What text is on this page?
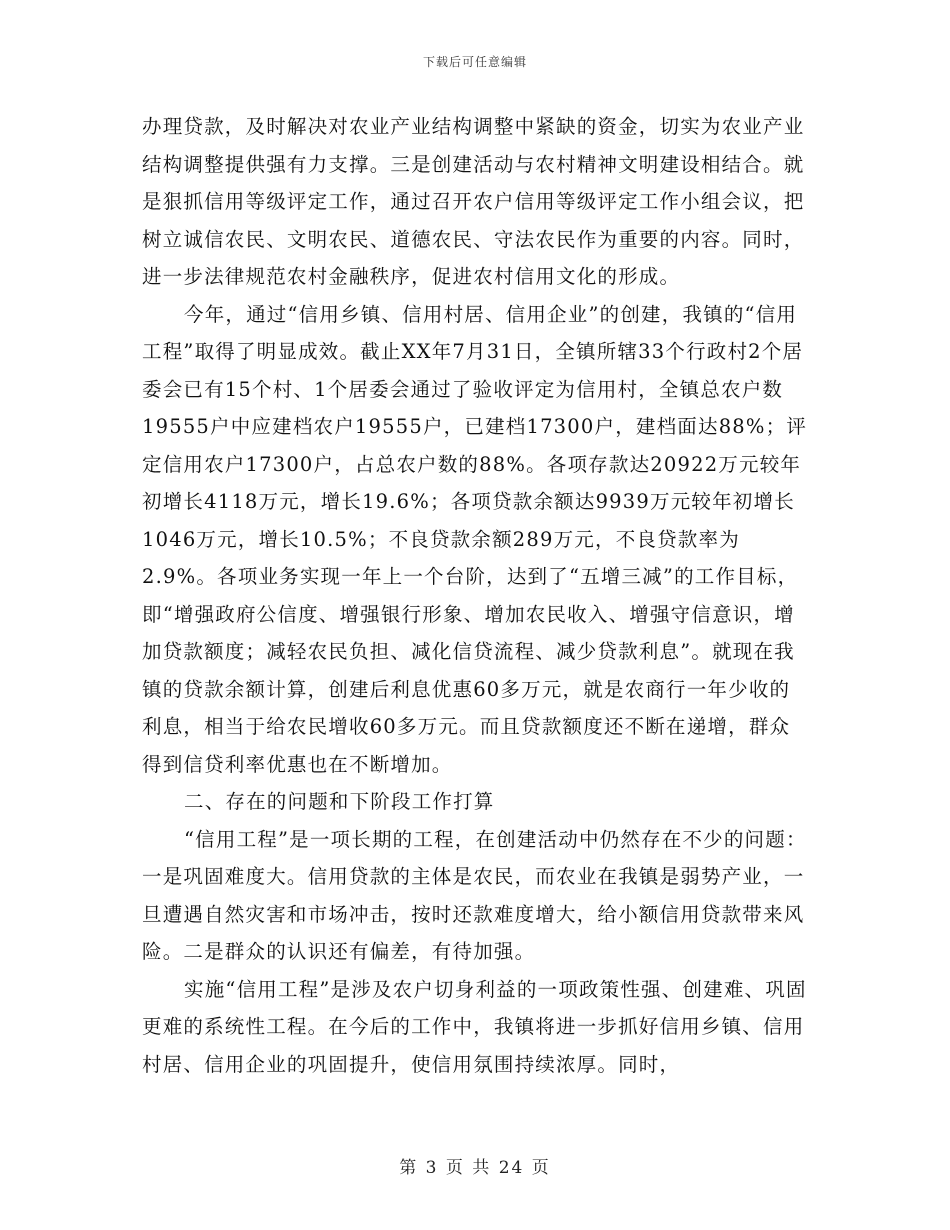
下载后可任意编辑

办理贷款，及时解决对农业产业结构调整中紧缺的资金，切实为农业产业结构调整提供强有力支撑。三是创建活动与农村精神文明建设相结合。就是狠抓信用等级评定工作，通过召开农户信用等级评定工作小组会议，把树立诚信农民、文明农民、道德农民、守法农民作为重要的内容。同时，进一步法律规范农村金融秩序，促进农村信用文化的形成。

今年，通过“信用乡镇、信用村居、信用企业”的创建，我镇的“信用工程”取得了明显成效。截止XX年7月31日，全镇所辖33个行政村2个居委会已有15个村、1个居委会通过了验收评定为信用村，全镇总农户数19555户中应建档农户19555户，已建档17300户，建档面达88%；评定信用农户17300户，占总农户数的88%。各项存款达20922万元较年初增长4118万元，增长19.6%；各项贷款余额达9939万元较年初增长1046万元，增长10.5%；不良贷款余额289万元，不良贷款率为2.9%。各项业务实现一年上一个台阶，达到了“五增三减”的工作目标，即“增强政府公信度、增强银行形象、增加农民收入、增强守信意识，增加贷款额度；减轻农民负担、减化信贷流程、减少贷款利息”。就现在我镇的贷款余额计算，创建后利息优惠60多万元，就是农商行一年少收的利息，相当于给农民增收60多万元。而且贷款额度还不断在递增，群众得到信贷利率优惠也在不断增加。

二、存在的问题和下阶段工作打算

“信用工程”是一项长期的工程，在创建活动中仍然存在不少的问题：一是巩固难度大。信用贷款的主体是农民，而农业在我镇是弱势产业，一旦遭遇自然灾害和市场冲击，按时还款难度增大，给小额信用贷款带来风险。二是群众的认识还有偏差，有待加强。

实施“信用工程”是涉及农户切身利益的一项政策性强、创建难、巩固更难的系统性工程。在今后的工作中，我镇将进一步抓好信用乡镇、信用村居、信用企业的巩固提升，使信用氛围持续浓厚。同时，

第 3 页 共 24 页
